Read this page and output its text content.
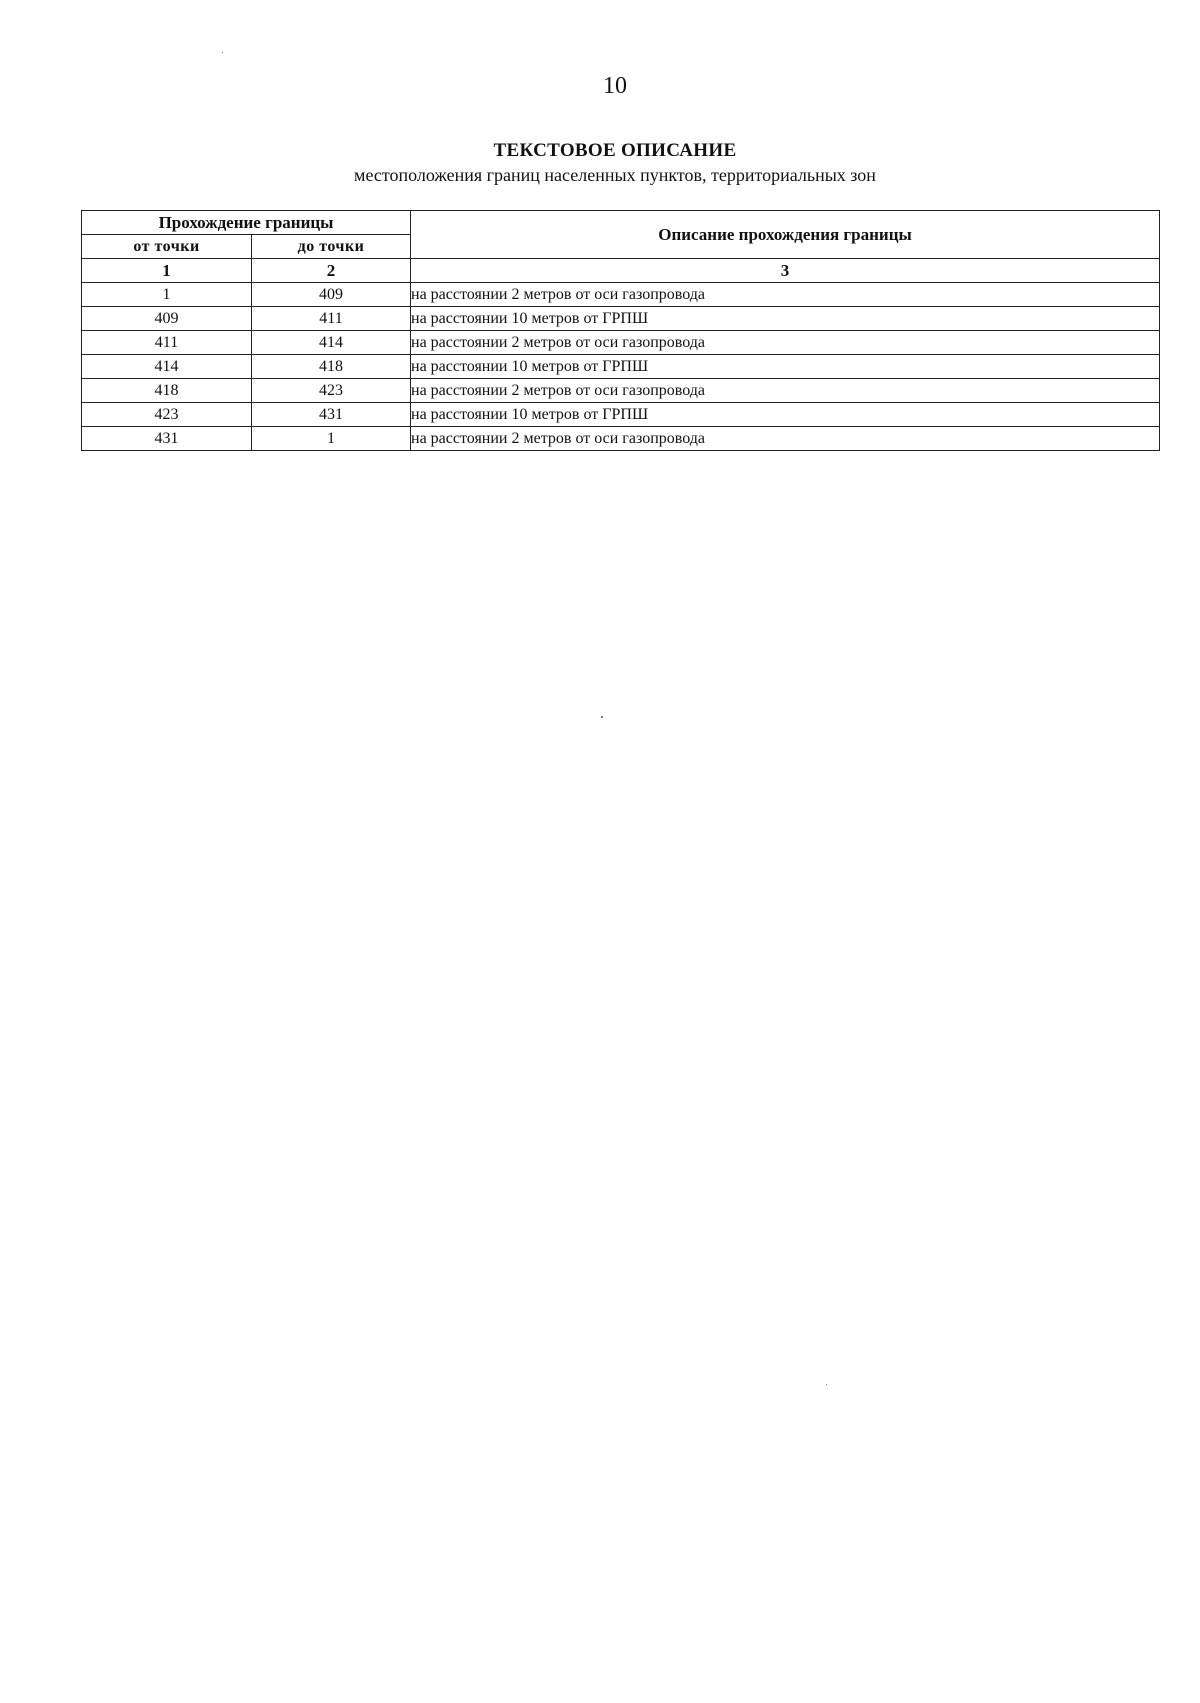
10
ТЕКСТОВОЕ ОПИСАНИЕ
местоположения границ населенных пунктов, территориальных зон
Прохождение границы		Описание прохождения границы
от точки	до точки	
1	2	3
1	409	на расстоянии 2 метров от оси газопровода
409	411	на расстоянии 10 метров от ГРПШ
411	414	на расстоянии 2 метров от оси газопровода
414	418	на расстоянии 10 метров от ГРПШ
418	423	на расстоянии 2 метров от оси газопровода
423	431	на расстоянии 10 метров от ГРПШ
431	1	на расстоянии 2 метров от оси газопровода
